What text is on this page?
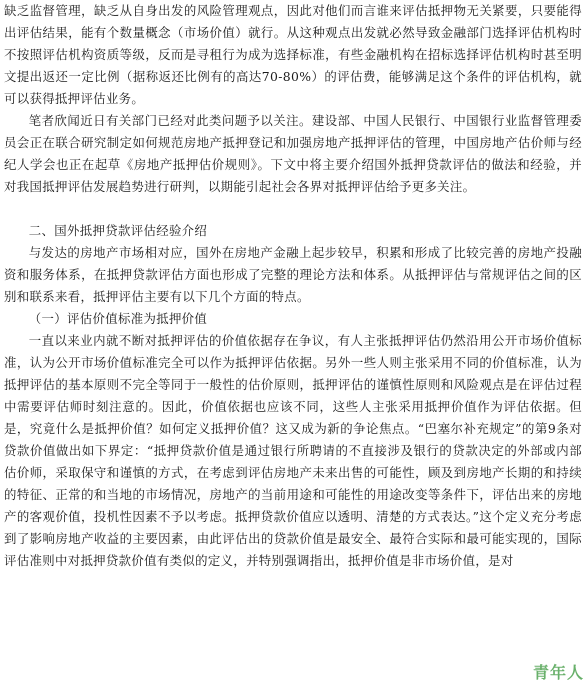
缺乏监督管理，缺乏从自身出发的风险管理观点，因此对他们而言谁来评估抵押物无关紧要，只要能得出评估结果，能有个数量概念（市场价值）就行。从这种观点出发就必然导致金融部门选择评估机构时不按照评估机构资质等级，反而是寻租行为成为选择标准，有些金融机构在招标选择评估机构时甚至明文提出返还一定比例（据称返还比例有的高达70-80%）的评估费，能够满足这个条件的评估机构，就可以获得抵押评估业务。

笔者欣闻近日有关部门已经对此类问题予以关注。建设部、中国人民银行、中国银行业监督管理委员会正在联合研究制定如何规范房地产抵押登记和加强房地产抵押评估的管理，中国房地产估价师与经纪人学会也正在起草《房地产抵押估价规则》。下文中将主要介绍国外抵押贷款评估的做法和经验，并对我国抵押评估发展趋势进行研判，以期能引起社会各界对抵押评估给予更多关注。

二、国外抵押贷款评估经验介绍

与发达的房地产市场相对应，国外在房地产金融上起步较早，积累和形成了比较完善的房地产投融资和服务体系，在抵押贷款评估方面也形成了完整的理论方法和体系。从抵押评估与常规评估之间的区别和联系来看，抵押评估主要有以下几个方面的特点。

（一）评估价值标准为抵押价值

一直以来业内就不断对抵押评估的价值依据存在争议，有人主张抵押评估仍然沿用公开市场价值标准，认为公开市场价值标准完全可以作为抵押评估依据。另外一些人则主张采用不同的价值标准，认为抵押评估的基本原则不完全等同于一般性的估价原则，抵押评估的谨慎性原则和风险观点是在评估过程中需要评估师时刻注意的。因此，价值依据也应该不同，这些人主张采用抵押价值作为评估依据。但是，究竟什么是抵押价值？如何定义抵押价值？这又成为新的争论焦点。“巴塞尔补充规定”的第9条对贷款价值做出如下界定：“抵押贷款价值是通过银行所聘请的不直接涉及银行的贷款决定的外部或内部估价师，采取保守和谨慎的方式，在考虑到评估房地产未来出售的可能性，顾及到房地产长期的和持续的特征、正常的和当地的市场情况，房地产的当前用途和可能性的用途改变等条件下，评估出来的房地产的客观价值，投机性因素不予以考虑。抵押贷款价值应以透明、清楚的方式表达。”这个定义充分考虑到了影响房地产收益的主要因素，由此评估出的贷款价值是最安全、最符合实际和最可能实现的，国际评估准则中对抵押贷款价值有类似的定义，并特别强调指出，抵押价值是非市场价值，是对

青年人
